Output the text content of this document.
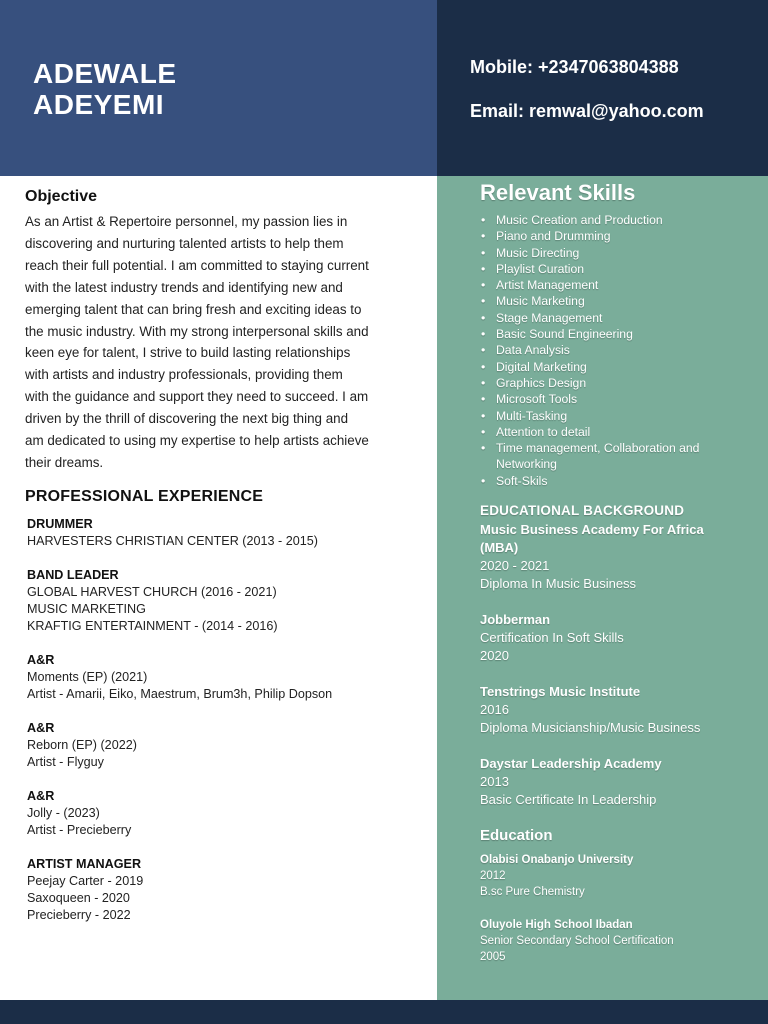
ADEWALE
ADEYEMI
Mobile: +2347063804388
Email: remwal@yahoo.com
Objective
As an Artist & Repertoire personnel, my passion lies in discovering and nurturing talented artists to help them reach their full potential. I am committed to staying current with the latest industry trends and identifying new and emerging talent that can bring fresh and exciting ideas to the music industry. With my strong interpersonal skills and keen eye for talent, I strive to build lasting relationships with artists and industry professionals, providing them with the guidance and support they need to succeed. I am driven by the thrill of discovering the next big thing and am dedicated to using my expertise to help artists achieve their dreams.
PROFESSIONAL EXPERIENCE
DRUMMER
HARVESTERS CHRISTIAN CENTER (2013 - 2015)
BAND LEADER
GLOBAL HARVEST CHURCH (2016 - 2021)
MUSIC MARKETING
KRAFTIG ENTERTAINMENT - (2014 - 2016)
A&R
Moments (EP) (2021)
Artist - Amarii, Eiko, Maestrum, Brum3h, Philip Dopson
A&R
Reborn (EP) (2022)
Artist - Flyguy
A&R
Jolly - (2023)
Artist - Precieberry
ARTIST MANAGER
Peejay Carter - 2019
Saxoqueen - 2020
Precieberry - 2022
Relevant Skills
• Music Creation and Production
• Piano and Drumming
• Music Directing
• Playlist Curation
• Artist Management
• Music Marketing
• Stage Management
• Basic Sound Engineering
• Data Analysis
• Digital Marketing
• Graphics Design
• Microsoft Tools
• Multi-Tasking
• Attention to detail
• Time management, Collaboration and Networking
• Soft-Skils
EDUCATIONAL BACKGROUND
Music Business Academy For Africa (MBA)
2020 - 2021
Diploma In Music Business
Jobberman
Certification In Soft Skills
2020
Tenstrings Music Institute
2016
Diploma Musicianship/Music Business
Daystar Leadership Academy
2013
Basic Certificate In Leadership
Education
Olabisi Onabanjo University
2012
B.sc Pure Chemistry
Oluyole High School Ibadan
Senior Secondary School Certification
2005
